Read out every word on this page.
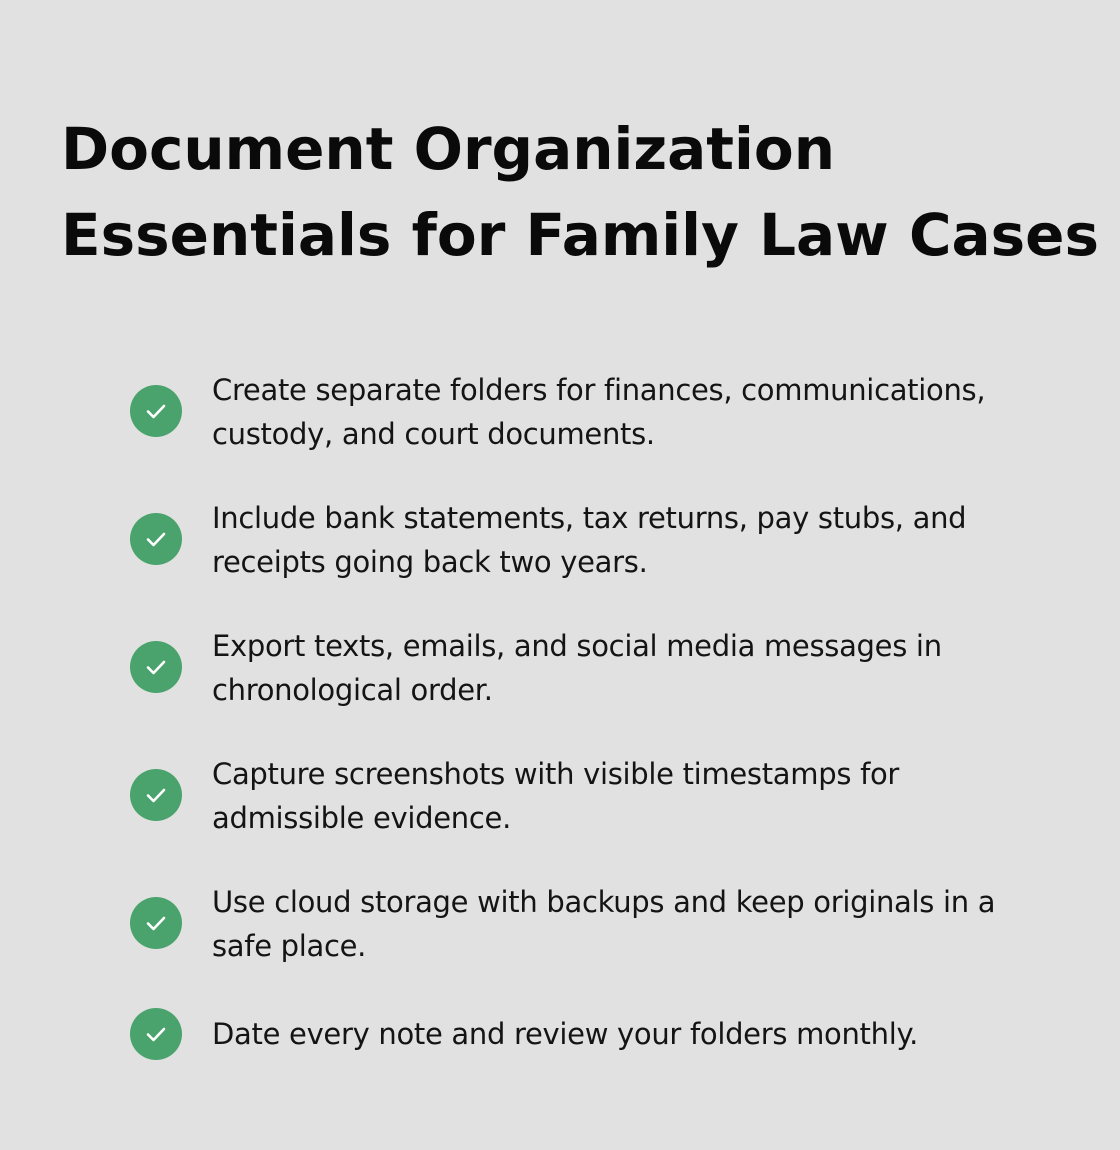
Document Organization Essentials for Family Law Cases
Create separate folders for finances, communications, custody, and court documents.
Include bank statements, tax returns, pay stubs, and receipts going back two years.
Export texts, emails, and social media messages in chronological order.
Capture screenshots with visible timestamps for admissible evidence.
Use cloud storage with backups and keep originals in a safe place.
Date every note and review your folders monthly.
